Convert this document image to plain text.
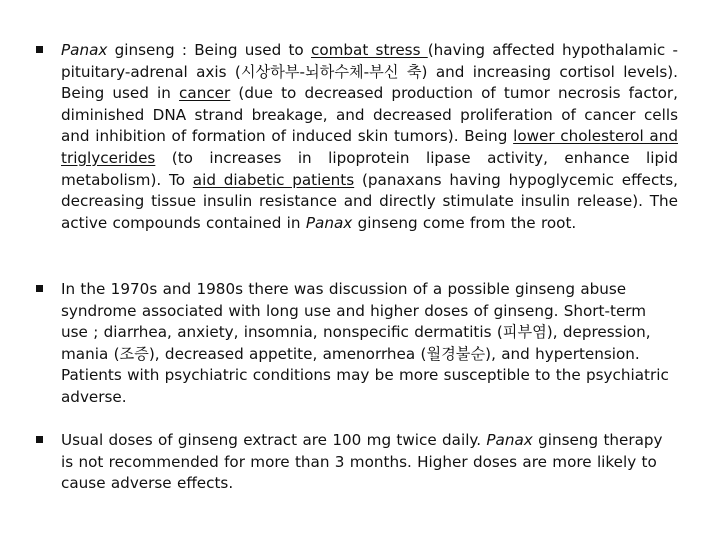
Panax ginseng : Being used to combat stress (having affected hypothalamic -pituitary-adrenal axis (시상하부-뇌하수체-부신 축) and increasing cortisol levels). Being used in cancer (due to decreased production of tumor necrosis factor, diminished DNA strand breakage, and decreased proliferation of cancer cells and inhibition of formation of induced skin tumors). Being lower cholesterol and triglycerides (to increases in lipoprotein lipase activity, enhance lipid metabolism). To aid diabetic patients (panaxans having hypoglycemic effects, decreasing tissue insulin resistance and directly stimulate insulin release). The active compounds contained in Panax ginseng come from the root.
In the 1970s and 1980s there was discussion of a possible ginseng abuse syndrome associated with long use and higher doses of ginseng. Short-term use ; diarrhea, anxiety, insomnia, nonspecific dermatitis (피부염), depression, mania (조증), decreased appetite, amenorrhea (월경불순), and hypertension. Patients with psychiatric conditions may be more susceptible to the psychiatric adverse.
Usual doses of ginseng extract are 100 mg twice daily. Panax ginseng therapy is not recommended for more than 3 months. Higher doses are more likely to cause adverse effects.
